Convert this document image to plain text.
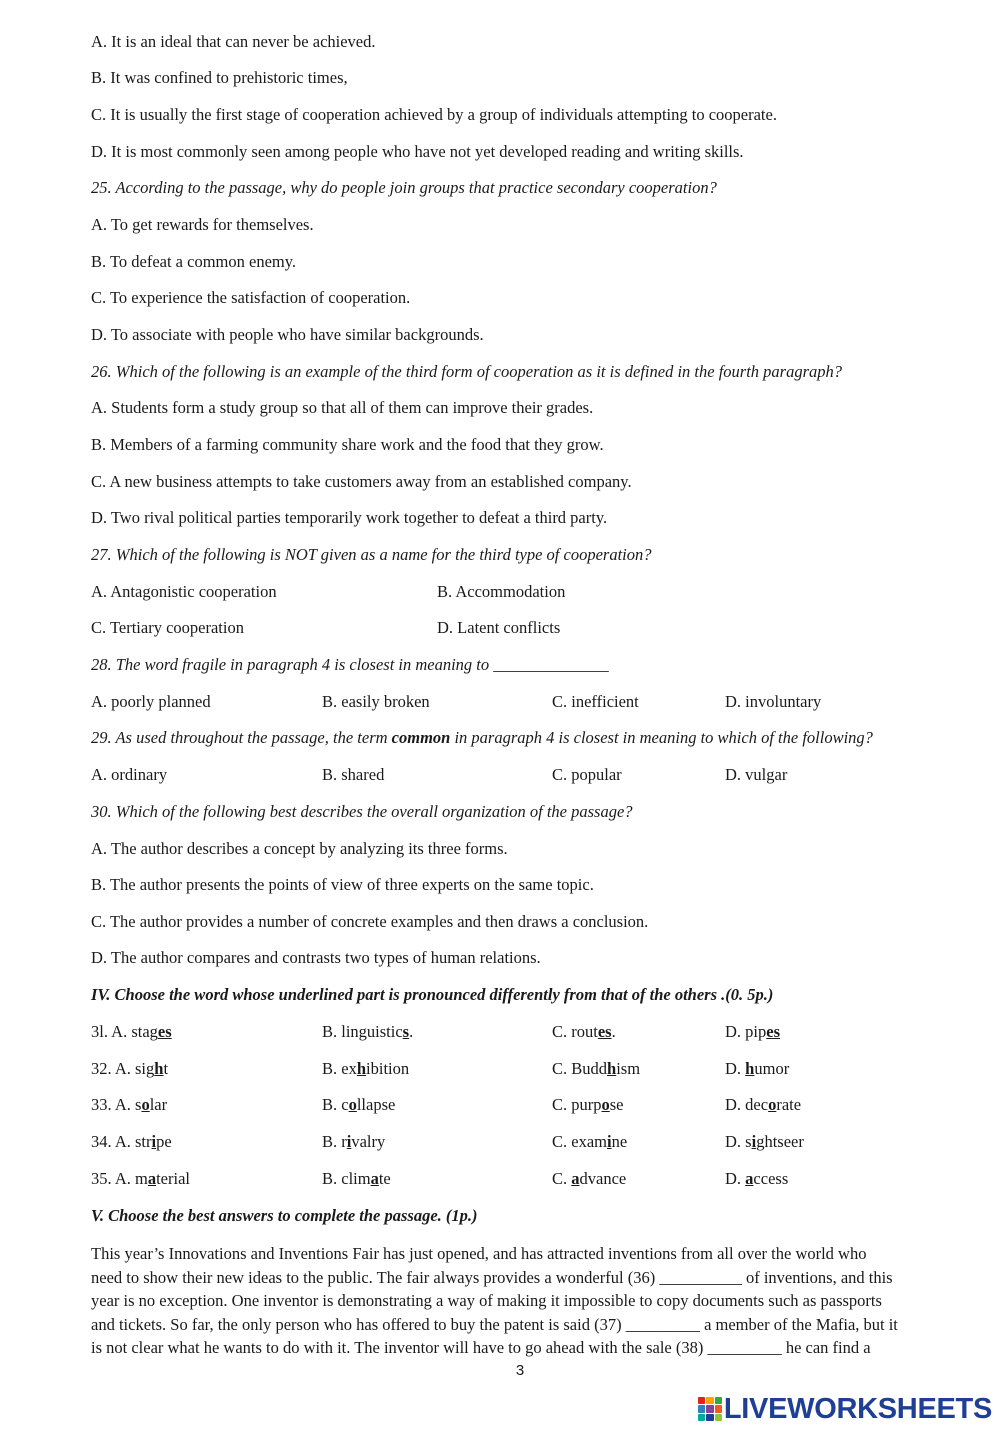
A. It is an ideal that can never be achieved.
B. It was confined to prehistoric times,
C. It is usually the first stage of cooperation achieved by a group of individuals attempting to cooperate.
D. It is most commonly seen among people who have not yet developed reading and writing skills.
25. According to the passage, why do people join groups that practice secondary cooperation?
A. To get rewards for themselves.
B. To defeat a common enemy.
C. To experience the satisfaction of cooperation.
D. To associate with people who have similar backgrounds.
26. Which of the following is an example of the third form of cooperation as it is defined in the fourth paragraph?
A. Students form a study group so that all of them can improve their grades.
B. Members of a farming community share work and the food that they grow.
C. A new business attempts to take customers away from an established company.
D. Two rival political parties temporarily work together to defeat a third party.
27. Which of the following is NOT given as a name for the third type of cooperation?
A. Antagonistic cooperation	B. Accommodation
C. Tertiary cooperation	D. Latent conflicts
28. The word fragile in paragraph 4 is closest in meaning to ______________
A. poorly planned	B. easily broken	C. inefficient	D. involuntary
29. As used throughout the passage, the term common in paragraph 4 is closest in meaning to which of the following?
A. ordinary	B. shared	C. popular	D. vulgar
30. Which of the following best describes the overall organization of the passage?
A. The author describes a concept by analyzing its three forms.
B. The author presents the points of view of three experts on the same topic.
C. The author provides a number of concrete examples and then draws a conclusion.
D. The author compares and contrasts two types of human relations.
IV. Choose the word whose underlined part is pronounced differently from that of the others .(0. 5p.)
3l. A. stages	B. linguistics.	C. routes.	D. pipes
32. A. sight	B. exhibition	C. Buddhism	D. humor
33. A. solar	B. collapse	C. purpose	D. decorate
34. A. stripe	B. rivalry	C. examine	D. sightseer
35. A. material	B. climate	C. advance	D. access
V. Choose the best answers to complete the passage. (1p.)
This year’s Innovations and Inventions Fair has just opened, and has attracted inventions from all over the world who
need to show their new ideas to the public. The fair always provides a wonderful (36) __________ of inventions, and this
year is no exception. One inventor is demonstrating a way of making it impossible to copy documents such as passports
and tickets. So far, the only person who has offered to buy the patent is said (37) _________ a member of the Mafia, but it
is not clear what he wants to do with it. The inventor will have to go ahead with the sale (38) _________ he can find a
3
LIVEWORKSHEETS
